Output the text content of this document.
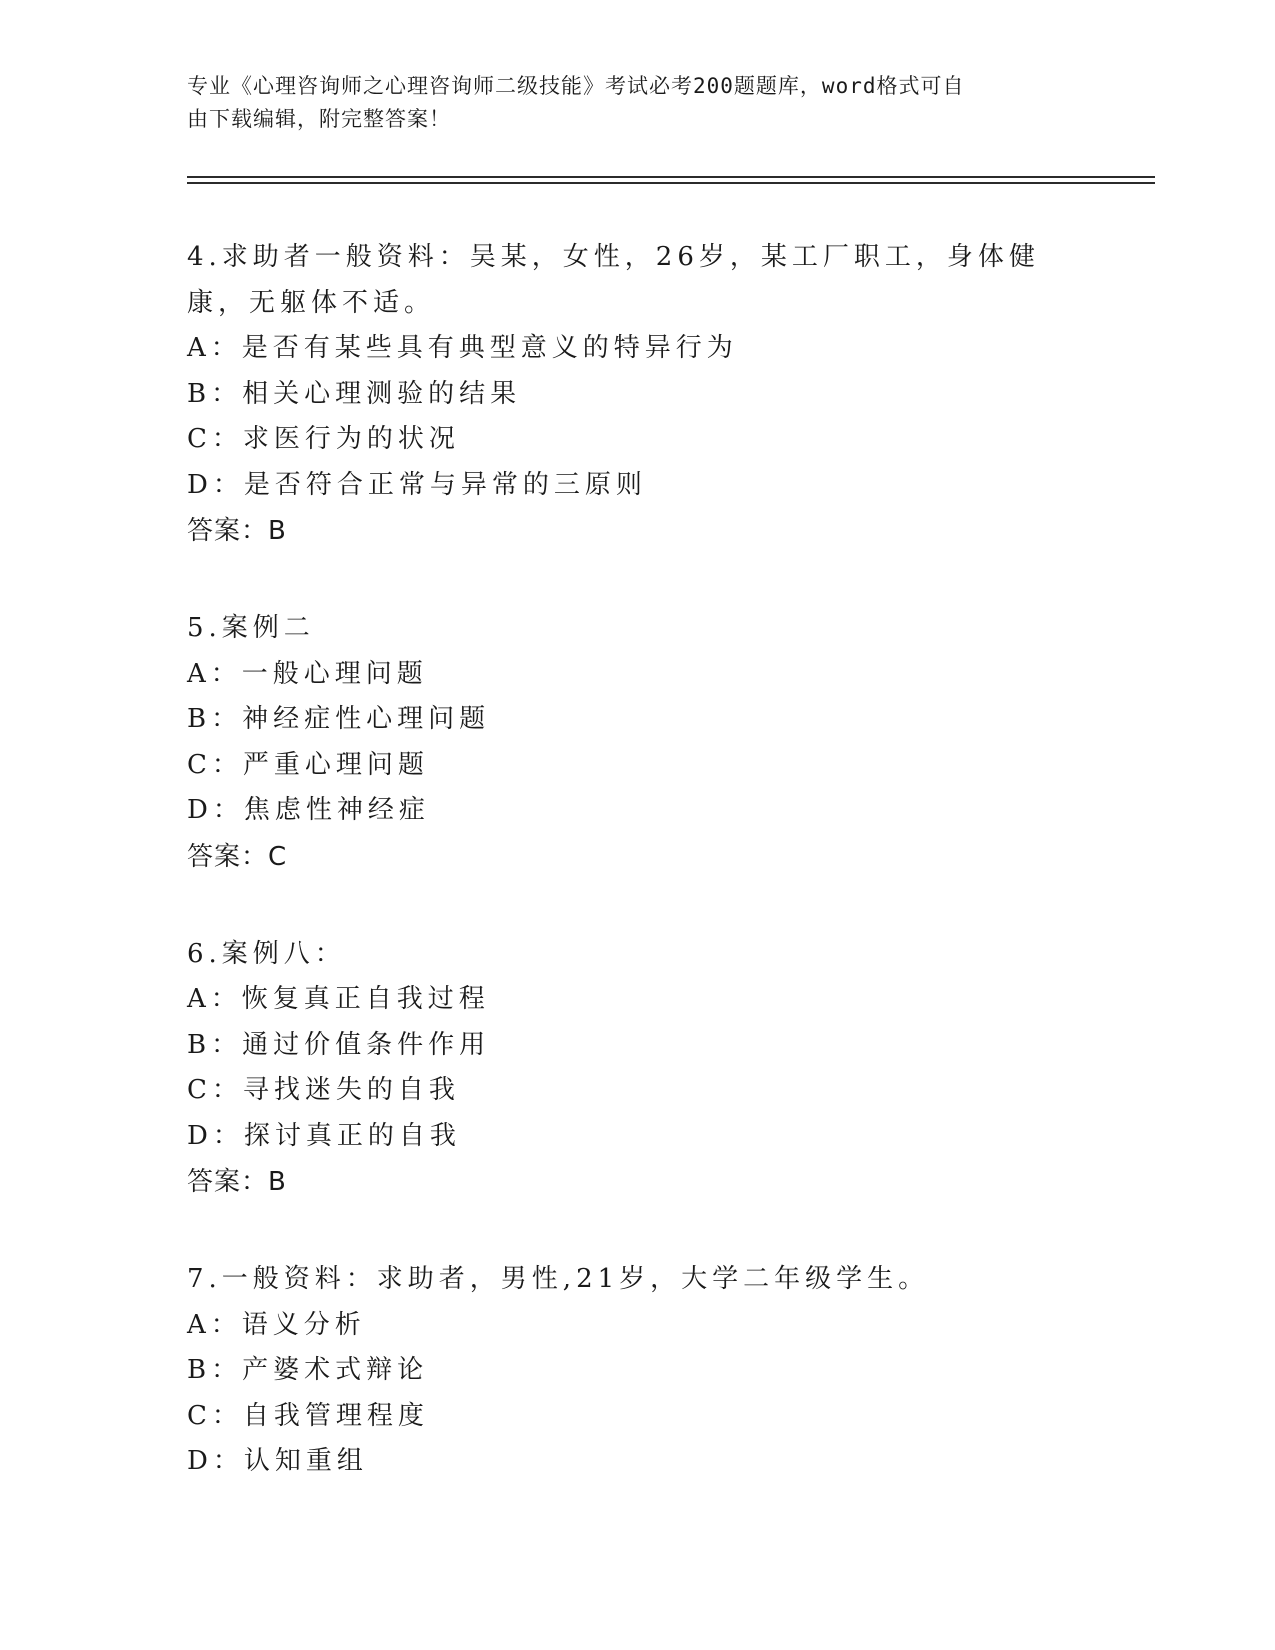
专业《心理咨询师之心理咨询师二级技能》考试必考200题题库，word格式可自
由下载编辑，附完整答案！
4.求助者一般资料：吴某，女性，26岁，某工厂职工，身体健康，无躯体不适。
A：是否有某些具有典型意义的特异行为
B：相关心理测验的结果
C：求医行为的状况
D：是否符合正常与异常的三原则
答案：B
5.案例二
A：一般心理问题
B：神经症性心理问题
C：严重心理问题
D：焦虑性神经症
答案：C
6.案例八：
A：恢复真正自我过程
B：通过价值条件作用
C：寻找迷失的自我
D：探讨真正的自我
答案：B
7.一般资料：求助者，男性,21岁，大学二年级学生。
A：语义分析
B：产婆术式辩论
C：自我管理程度
D：认知重组
